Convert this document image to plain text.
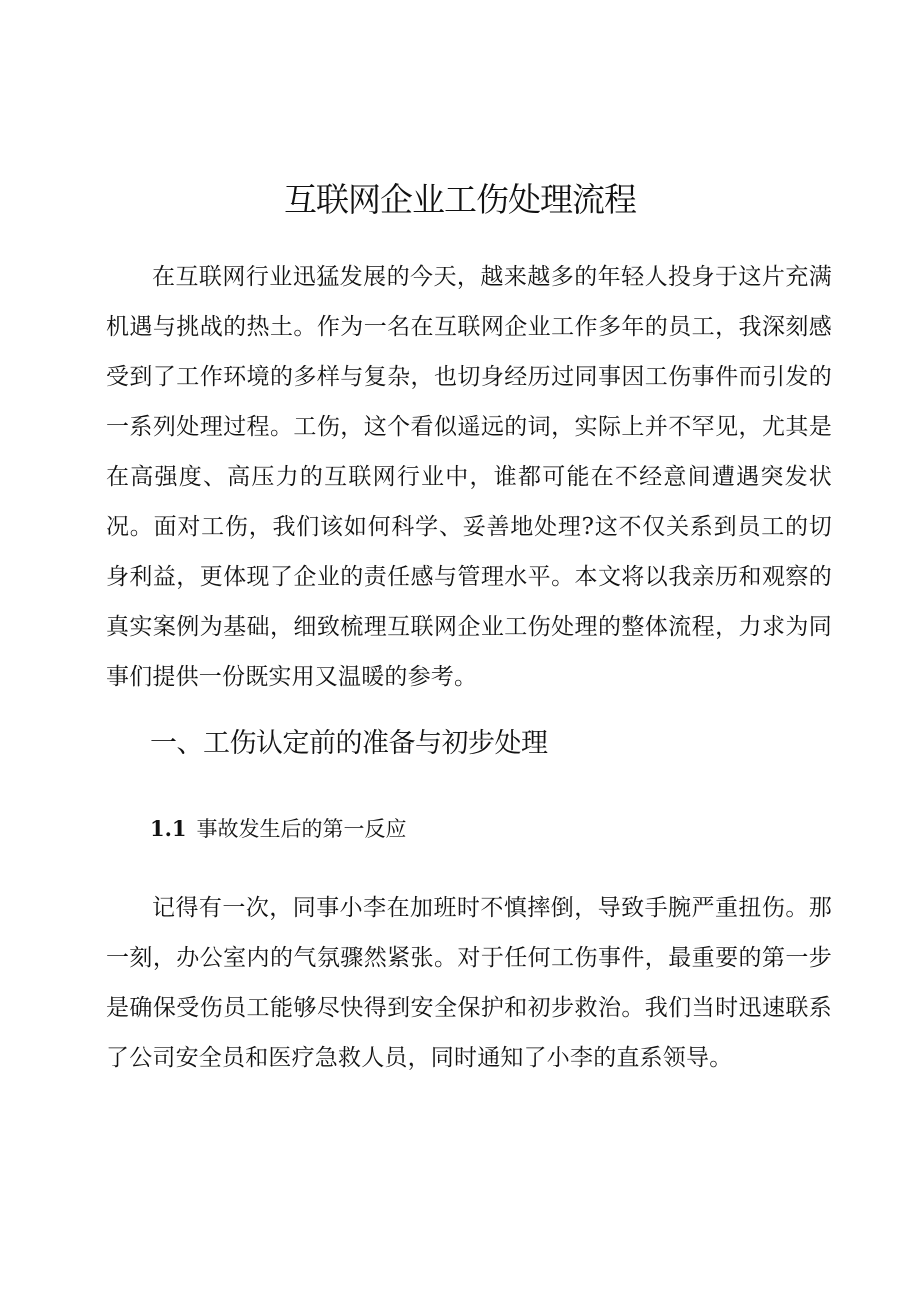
互联网企业工伤处理流程

在互联网行业迅猛发展的今天，越来越多的年轻人投身于这片充满机遇与挑战的热土。作为一名在互联网企业工作多年的员工，我深刻感受到了工作环境的多样与复杂，也切身经历过同事因工伤事件而引发的一系列处理过程。工伤，这个看似遥远的词，实际上并不罕见，尤其是在高强度、高压力的互联网行业中，谁都可能在不经意间遭遇突发状况。面对工伤，我们该如何科学、妥善地处理?这不仅关系到员工的切身利益，更体现了企业的责任感与管理水平。本文将以我亲历和观察的真实案例为基础，细致梳理互联网企业工伤处理的整体流程，力求为同事们提供一份既实用又温暖的参考。

一、工伤认定前的准备与初步处理
1.1 事故发生后的第一反应

记得有一次，同事小李在加班时不慎摔倒，导致手腕严重扭伤。那一刻，办公室内的气氛骤然紧张。对于任何工伤事件，最重要的第一步是确保受伤员工能够尽快得到安全保护和初步救治。我们当时迅速联系了公司安全员和医疗急救人员，同时通知了小李的直系领导。
